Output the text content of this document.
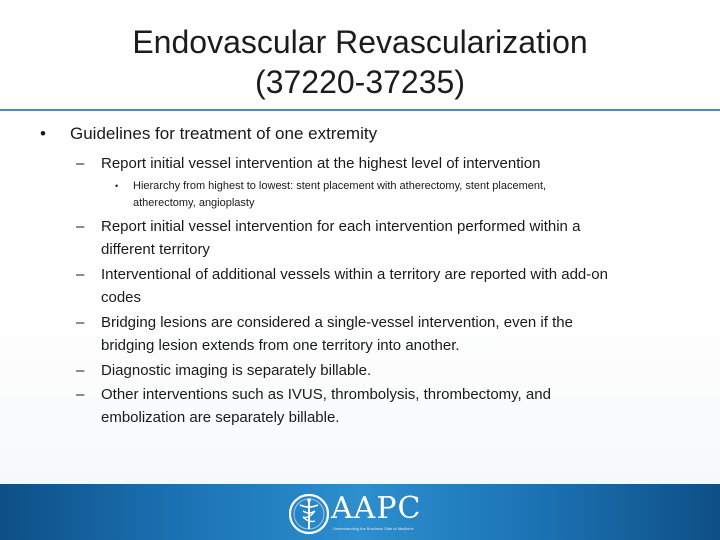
Endovascular Revascularization
(37220-37235)
• Guidelines for treatment of one extremity
– Report initial vessel intervention at the highest level of intervention
• Hierarchy from highest to lowest: stent placement with atherectomy, stent placement,
atherectomy, angioplasty
– Report initial vessel intervention for each intervention performed within a
different territory
– Interventional of additional vessels within a territory are reported with add-on
codes
– Bridging lesions are considered a single-vessel intervention, even if the
bridging lesion extends from one territory into another.
– Diagnostic imaging is separately billable.
– Other interventions such as IVUS, thrombolysis, thrombectomy, and
embolization are separately billable.
AAPC
Understanding the Business Side of Medicine
